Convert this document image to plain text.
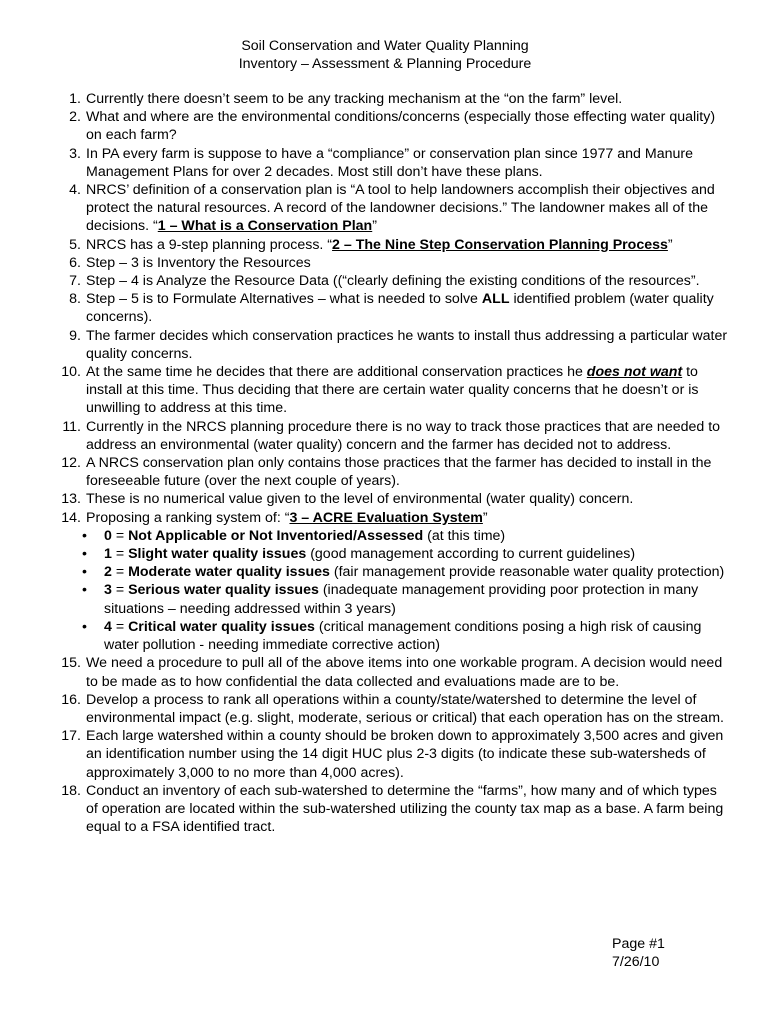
Soil Conservation and Water Quality Planning
Inventory – Assessment & Planning Procedure
1. Currently there doesn’t seem to be any tracking mechanism at the “on the farm” level.
2. What and where are the environmental conditions/concerns (especially those effecting water quality) on each farm?
3. In PA every farm is suppose to have a “compliance” or conservation plan since 1977 and Manure Management Plans for over 2 decades. Most still don’t have these plans.
4. NRCS’ definition of a conservation plan is “A tool to help landowners accomplish their objectives and protect the natural resources. A record of the landowner decisions.” The landowner makes all of the decisions. “1 – What is a Conservation Plan”
5. NRCS has a 9-step planning process. “2 – The Nine Step Conservation Planning Process”
6. Step – 3 is Inventory the Resources
7. Step – 4 is Analyze the Resource Data ((“clearly defining the existing conditions of the resources”.
8. Step – 5 is to Formulate Alternatives – what is needed to solve ALL identified problem (water quality concerns).
9. The farmer decides which conservation practices he wants to install thus addressing a particular water quality concerns.
10. At the same time he decides that there are additional conservation practices he does not want to install at this time. Thus deciding that there are certain water quality concerns that he doesn’t or is unwilling to address at this time.
11. Currently in the NRCS planning procedure there is no way to track those practices that are needed to address an environmental (water quality) concern and the farmer has decided not to address.
12. A NRCS conservation plan only contains those practices that the farmer has decided to install in the foreseeable future (over the next couple of years).
13. These is no numerical value given to the level of environmental (water quality) concern.
14. Proposing a ranking system of: “3 – ACRE Evaluation System”
•	0 = Not Applicable or Not Inventoried/Assessed (at this time)
•	1 = Slight water quality issues (good management according to current guidelines)
•	2 = Moderate water quality issues (fair management provide reasonable water quality protection)
•	3 = Serious water quality issues (inadequate management providing poor protection in many situations – needing addressed within 3 years)
•	4 = Critical water quality issues (critical management conditions posing a high risk of causing water pollution - needing immediate corrective action)
15. We need a procedure to pull all of the above items into one workable program. A decision would need to be made as to how confidential the data collected and evaluations made are to be.
16. Develop a process to rank all operations within a county/state/watershed to determine the level of environmental impact (e.g. slight, moderate, serious or critical) that each operation has on the stream.
17. Each large watershed within a county should be broken down to approximately 3,500 acres and given an identification number using the 14 digit HUC plus 2-3 digits (to indicate these sub-watersheds of approximately 3,000 to no more than 4,000 acres).
18. Conduct an inventory of each sub-watershed to determine the “farms”, how many and of which types of operation are located within the sub-watershed utilizing the county tax map as a base. A farm being equal to a FSA identified tract.
Page #1
7/26/10
